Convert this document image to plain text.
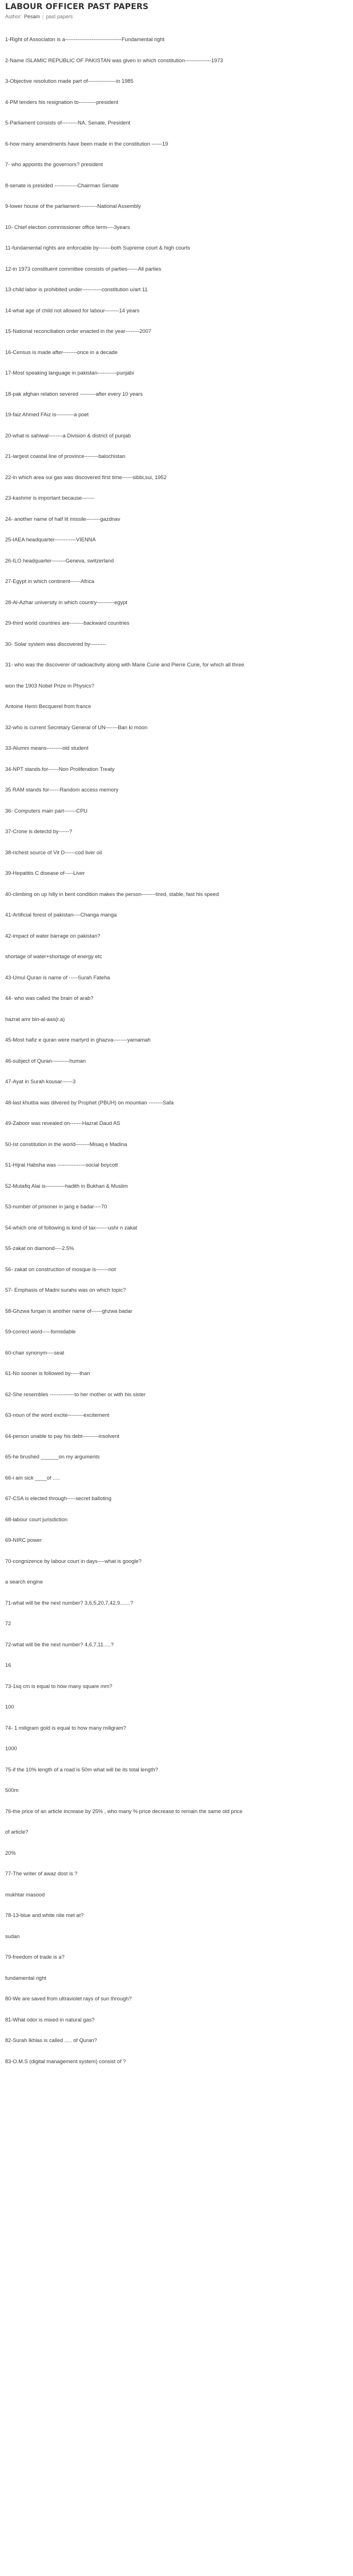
LABOUR OFFICER PAST PAPERS
Author: Pesam | past papers
1-Right of Associaton is a--------------------------------Fundamental right
2-Name ISLAMIC REPUBLIC OF PAKISTAN was given in which constitution---------------1973
3-Objective resolution made part of----------------in 1985
4-PM tenders his resignation to----------president
5-Parliament consists of---------NA, Senate, President
6-how many amendments have been made in the constitution ------19
7- who appoints the governors? president
8-senate is presided -------------Chairman Senate
9-lower house of the parliament----------National Assembly
10- Chief election commissioner office term----3years
11-fundamental rights are enforcable by-------both Supreme court & high courts
12-in 1973 constituent committee consists of parties------All parties
13-child labor is prohibited under-----------constitution u/art 11
14-what age of child not allowed for labour--------14 years
15-National reconciliation order enacted in the year--------2007
16-Census is made after--------once in a decade
17-Most speaking language in pakistan-----------punjabi
18-pak afghan relation severed ---------after every 10 years
19-faiz Ahmed FAiz is----------a poet
20-what is sahiwal--------a Division & district of punjab
21-largest coastal line of province--------balochistan
22-in which area sui gas was discovered first time------sibbi,sui, 1952
23-kashmir is important because-------
24- another name of half lit missile--------gazdnav
25-IAEA headquarter------------VIENNA
26-ILO headquarter--------Geneva, switzerland
27-Egypt in which continent------Africa
28-Al-Azhar university in which country----------egypt
29-third world countries are--------backward countries
30- Solar system was discovered by---------
31- who was the discoverer of radioactivity along with Marie Curie and Pierre Curie, for which all three
won the 1903 Nobel Prize in Physics?
Antoine Henri Becquerel from france
32-who is current Secretary General of UN-------Ban ki moon
33-Alumni means---------old student
34-NPT stands for------Non Proliferation Treaty
35 RAM stands for------Random access memory
36- Computers main part-------CPU
37-Crone is detectd by------?
38-richest source of Vit D------cod liver oil
39-Hepatitis C disease of-----Liver
40-climbing on up hilly in bent condition makes the person--------tired, stable, fast his speed
41-Artificial forest of pakistan----Changa manga
42-impact of water barrage on pakistan?
shortage of water+shortage of energy etc
43-Umul Quran is name of -----Surah Fateha
44- who was called the brain of arab?
hazrat amr bin-al-aas(r.a)
45-Most hafiz e quran were martyrd in ghazva--------yamamah
46-subject of Quran----------human
47-Ayat in Surah kousar------3
48-last khutba was dilvered by Prophet (PBUH) on mountian --------Safa
49-Zaboor was revealed on-------Hazrat Daud AS
50-Ist constitution in the world--------Misaq e Madina
51-Hijrat Habsha was ----------------social boycott
52-Mutafiq Alai is-----------hadith in Bukhari & Muslim
53-number of prisoner in jang e badar----70
54-which one of following is kind of tax-------ushr n zakat
55-zakat on diamond----2.5%
56- zakat on construction of mosque is-------not
57- Emphasis of Madni surahs was on which topic?
58-Ghzwa furqan is another name of------ghzwa badar
59-correct word-----formidable
60-chair synonym----seat
61-No sooner is followed by-----than
62-She resembles --------------to her mother or with his sister
63-noun of the word excite---------excitement
64-person unable to pay his debt---------insolvent
65-he brushed ______on my arguments
66-i am sick ____of .....
67-CSA is elected through-----secret balloting
68-labour court jurisdiction
69-NIRC power
70-congnizence by labour court in days----what is google?
a search engine
71-what will be the next number? 3,6,5,20,7,42,9.......?
72
72-what will be the next number? 4,6,7,11.....?
16
73-1sq cm is equal to how many square mm?
100
74- 1 miligram gold is equal to how many miligram?
1000
75-if the 10% length of a road is 50m what will be its total length?
500m
76-the price of an article increase by 25% , who many % price decrease to remain the same old price
of article?
20%
77-The writer of awaz dost is ?
mukhtar masood
78-13-blue and white nile met at?
sudan
79-freedom of trade is a?
fundamental right
80-We are saved from ultraviolet rays of sun through?
81-What odor is mixed in natural gas?
82-Surah Ikhlas is called ..... of Quran?
83-O.M.S (digital management system) consist of ?
